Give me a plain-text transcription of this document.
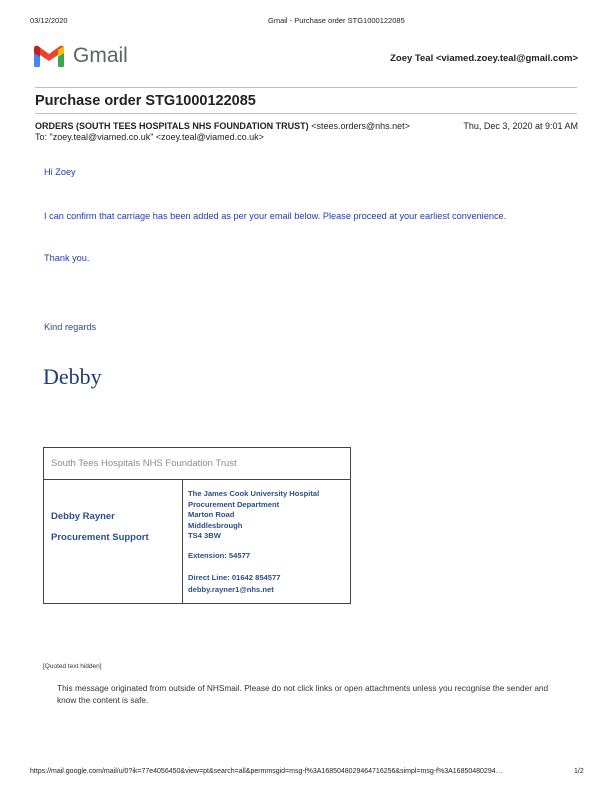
03/12/2020	Gmail - Purchase order STG1000122085
Gmail	Zoey Teal <viamed.zoey.teal@gmail.com>
Purchase order STG1000122085
ORDERS (SOUTH TEES HOSPITALS NHS FOUNDATION TRUST) <stees.orders@nhs.net>	Thu, Dec 3, 2020 at 9:01 AM
To: "zoey.teal@viamed.co.uk" <zoey.teal@viamed.co.uk>
Hi Zoey
I can confirm that carriage has been added as per your email below. Please proceed at your earliest convenience.
Thank you.
Kind regards
Debby
South Tees Hospitals NHS Foundation Trust
Debby Rayner
Procurement Support
The James Cook University Hospital
Procurement Department
Marton Road
Middlesbrough
TS4 3BW
Extension: 54577
Direct Line: 01642 854577
debby.rayner1@nhs.net
[Quoted text hidden]
This message originated from outside of NHSmail. Please do not click links or open attachments unless you recognise the sender and know the content is safe.
https://mail.google.com/mail/u/0?ik=77e4056450&view=pt&search=all&permmsgid=msg-f%3A1685048029464716256&simpl=msg-f%3A16850480294…	1/2
